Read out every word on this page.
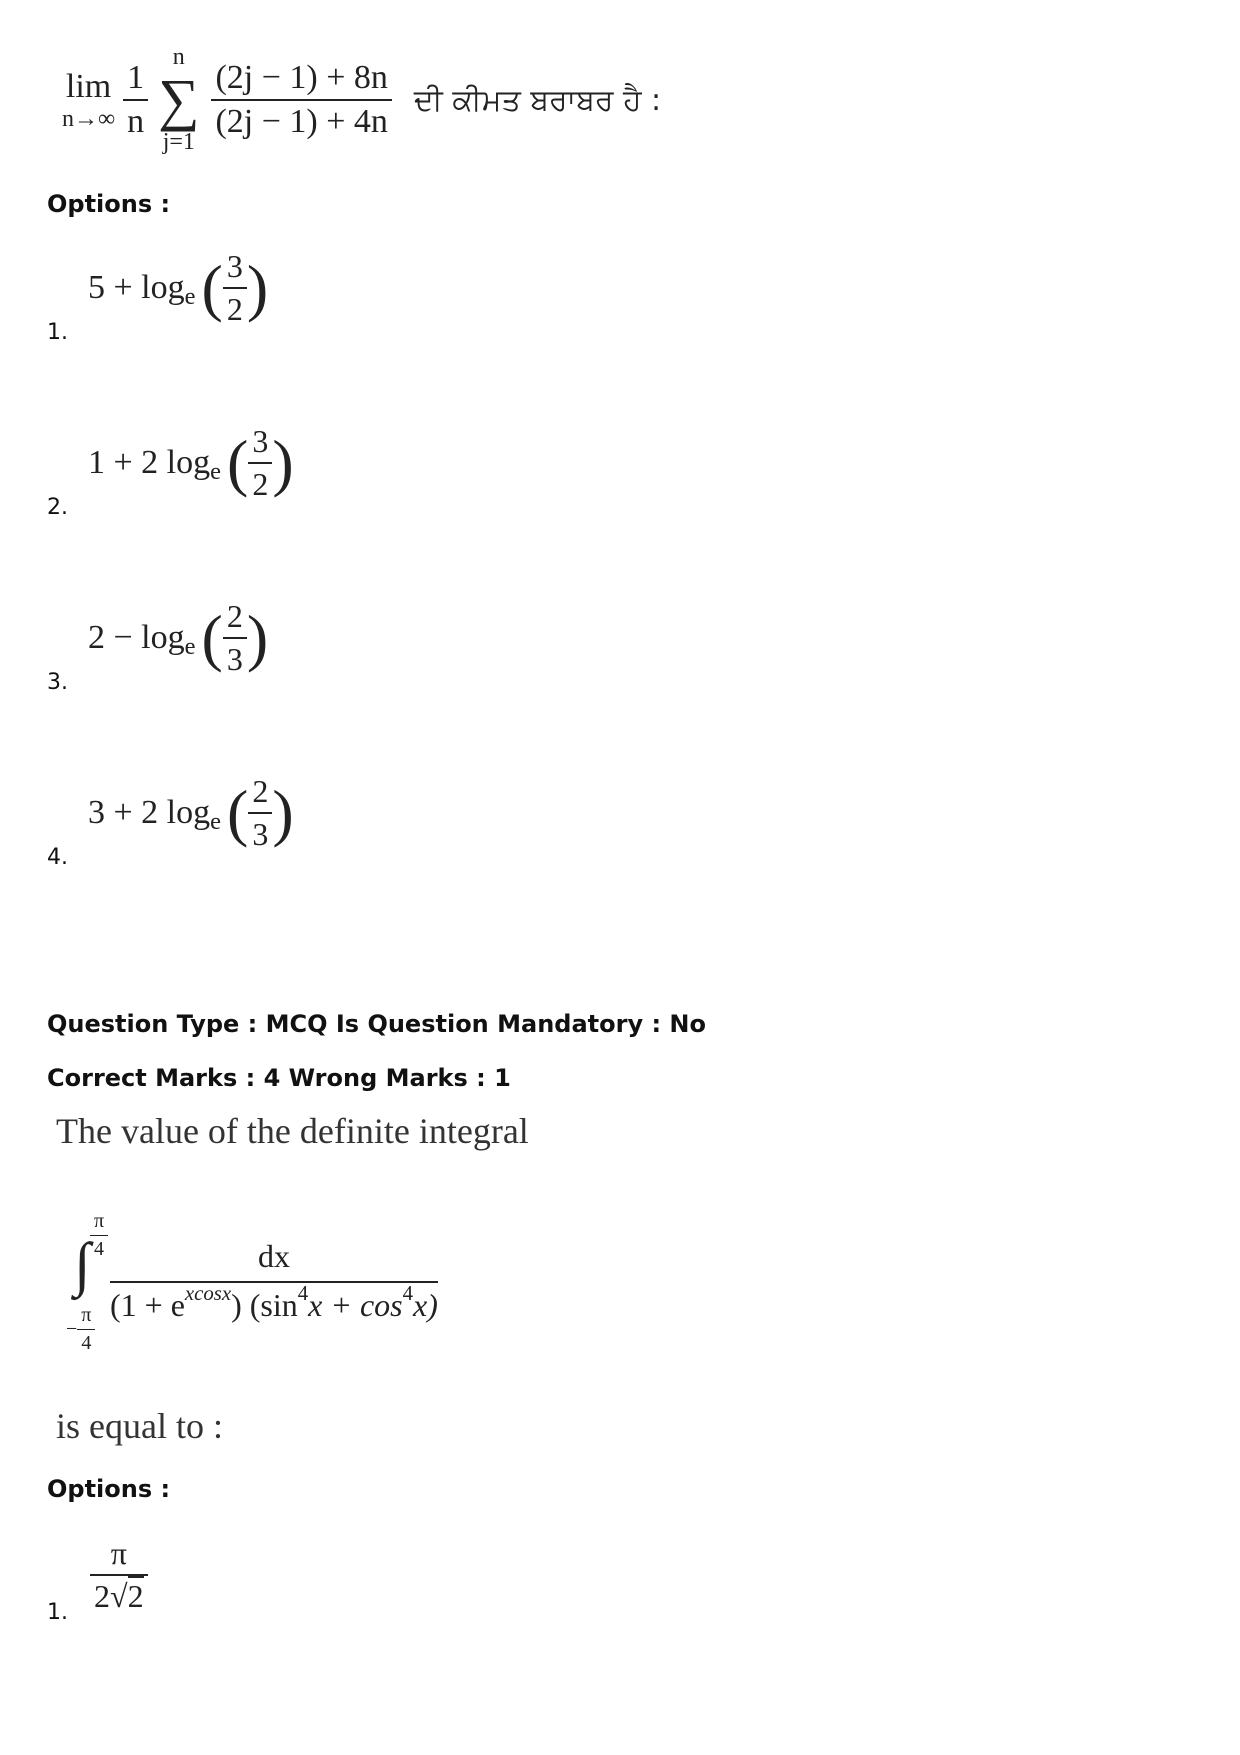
lim
$n\to\infty \frac{1}{n}$
n
∑
j=1
$\frac{(2j - 1) + 8n}{(2j - 1) + 4n}$ ਦੀ ਕੀਮਤ ਬਰਾਬਰ ਹੈ :
Options :
1.
5 + log e ( $\frac{3}{2}$ )
2.
1 + 2 log e ( $\frac{3}{2}$ )
3.
2 − log e ( $\frac{2}{3}$ )
4.
3 + 2 log e ( $\frac{2}{3}$ )
Question Type : MCQ Is Question Mandatory : No
Correct Marks : 4 Wrong Marks : 1
The value of the definite integral
$\frac{\pi}{4}$
∫
− $\frac{\pi}{4}$
$\frac{dx}{(1 + e^{xcosx}) (\sin^4x + \cos^4x)}$
is equal to :
Options :
1. $\frac{\pi}{2√2}$
